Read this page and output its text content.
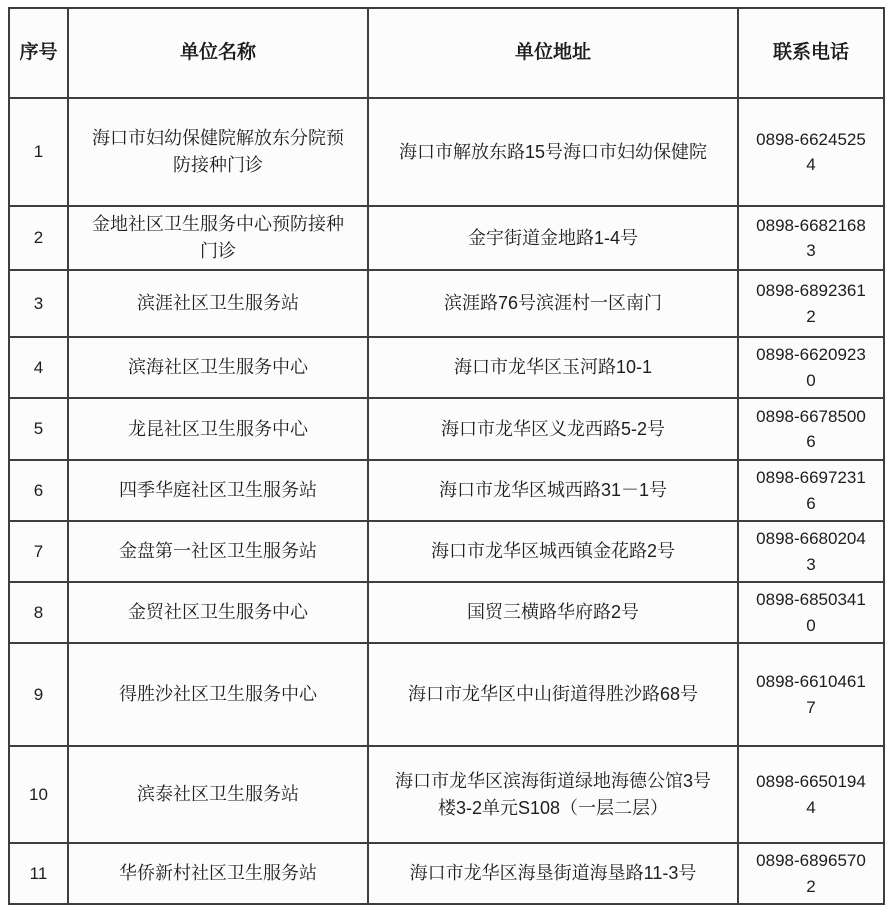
序号	单位名称	单位地址	联系电话
1	海口市妇幼保健院解放东分院预防接种门诊	海口市解放东路15号海口市妇幼保健院	0898-66245254
2	金地社区卫生服务中心预防接种门诊	金宇街道金地路1-4号	0898-66821683
3	滨涯社区卫生服务站	滨涯路76号滨涯村一区南门	0898-68923612
4	滨海社区卫生服务中心	海口市龙华区玉河路10-1	0898-66209230
5	龙昆社区卫生服务中心	海口市龙华区义龙西路5-2号	0898-66785006
6	四季华庭社区卫生服务站	海口市龙华区城西路31－1号	0898-66972316
7	金盘第一社区卫生服务站	海口市龙华区城西镇金花路2号	0898-66802043
8	金贸社区卫生服务中心	国贸三横路华府路2号	0898-68503410
9	得胜沙社区卫生服务中心	海口市龙华区中山街道得胜沙路68号	0898-66104617
10	滨泰社区卫生服务站	海口市龙华区滨海街道绿地海德公馆3号楼3-2单元S108（一层二层）	0898-66501944
11	华侨新村社区卫生服务站	海口市龙华区海垦街道海垦路11-3号	0898-68965702
